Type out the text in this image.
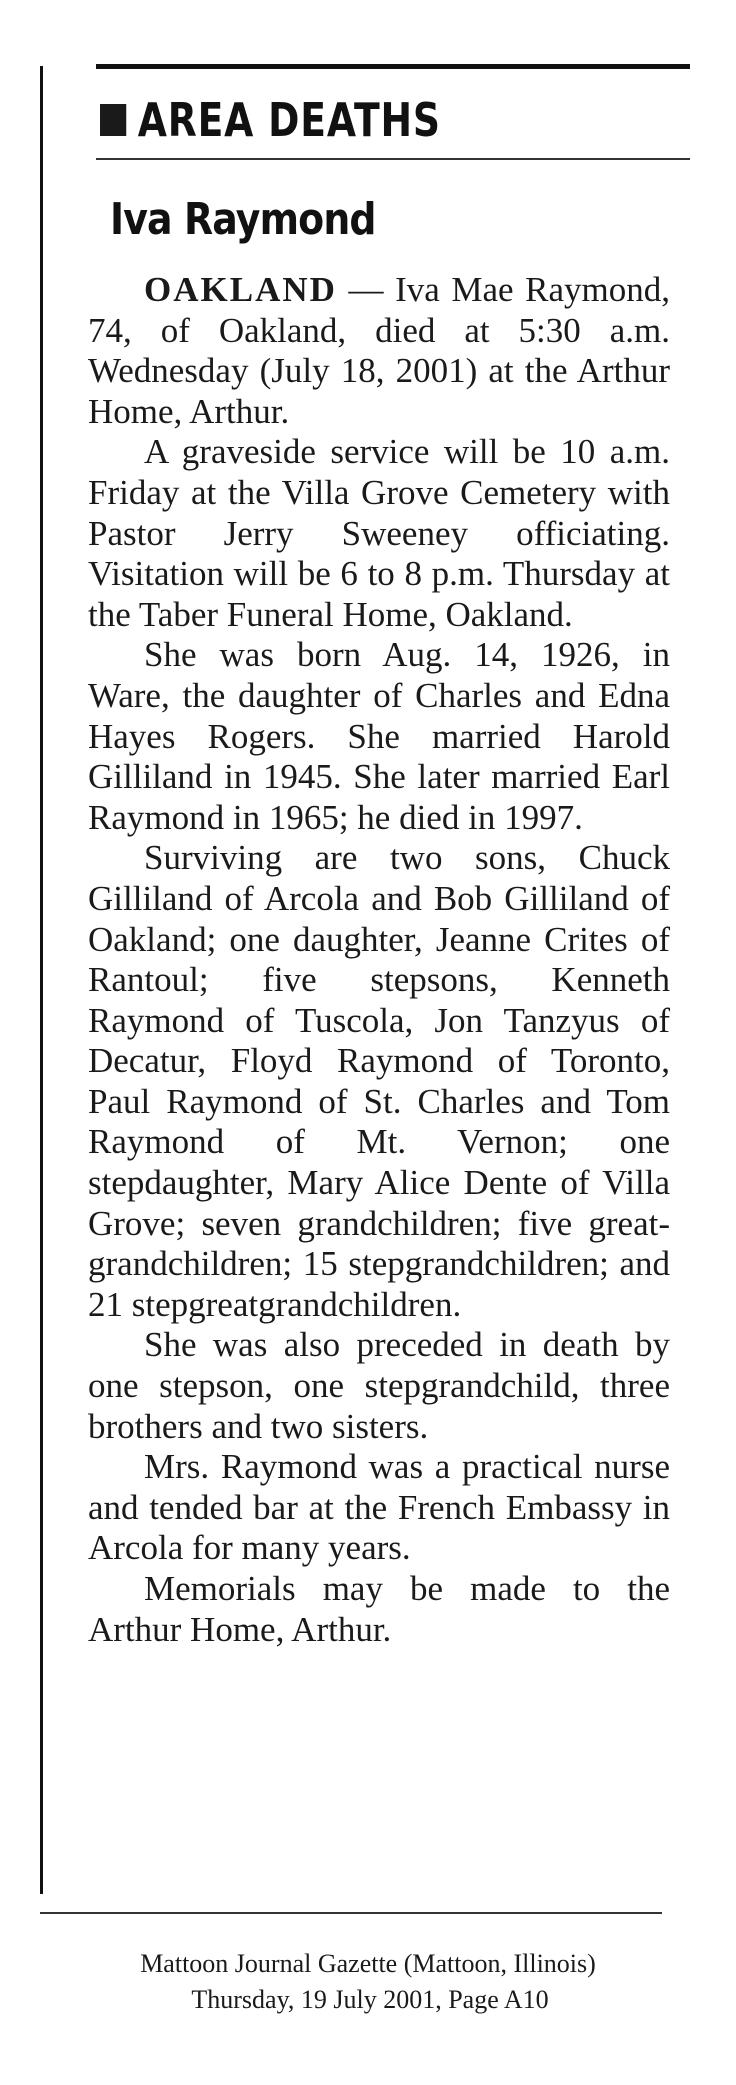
AREA DEATHS
Iva Raymond

OAKLAND — Iva Mae Raymond, 74, of Oakland, died at 5:30 a.m. Wednesday (July 18, 2001) at the Arthur Home, Arthur.

A graveside service will be 10 a.m. Friday at the Villa Grove Cemetery with Pastor Jerry Sweeney officiating. Visitation will be 6 to 8 p.m. Thursday at the Taber Funeral Home, Oakland.

She was born Aug. 14, 1926, in Ware, the daughter of Charles and Edna Hayes Rogers. She married Harold Gilliland in 1945. She later married Earl Raymond in 1965; he died in 1997.

Surviving are two sons, Chuck Gilliland of Arcola and Bob Gilliland of Oakland; one daughter, Jeanne Crites of Rantoul; five stepsons, Kenneth Raymond of Tuscola, Jon Tanzyus of Decatur, Floyd Raymond of Toronto, Paul Raymond of St. Charles and Tom Raymond of Mt. Vernon; one stepdaughter, Mary Alice Dente of Villa Grove; seven grandchildren; five great-grandchildren; 15 stepgrandchildren; and 21 stepgreatgrandchildren.

She was also preceded in death by one stepson, one stepgrandchild, three brothers and two sisters.

Mrs. Raymond was a practical nurse and tended bar at the French Embassy in Arcola for many years.

Memorials may be made to the Arthur Home, Arthur.

Mattoon Journal Gazette (Mattoon, Illinois)
Thursday, 19 July 2001, Page A10
